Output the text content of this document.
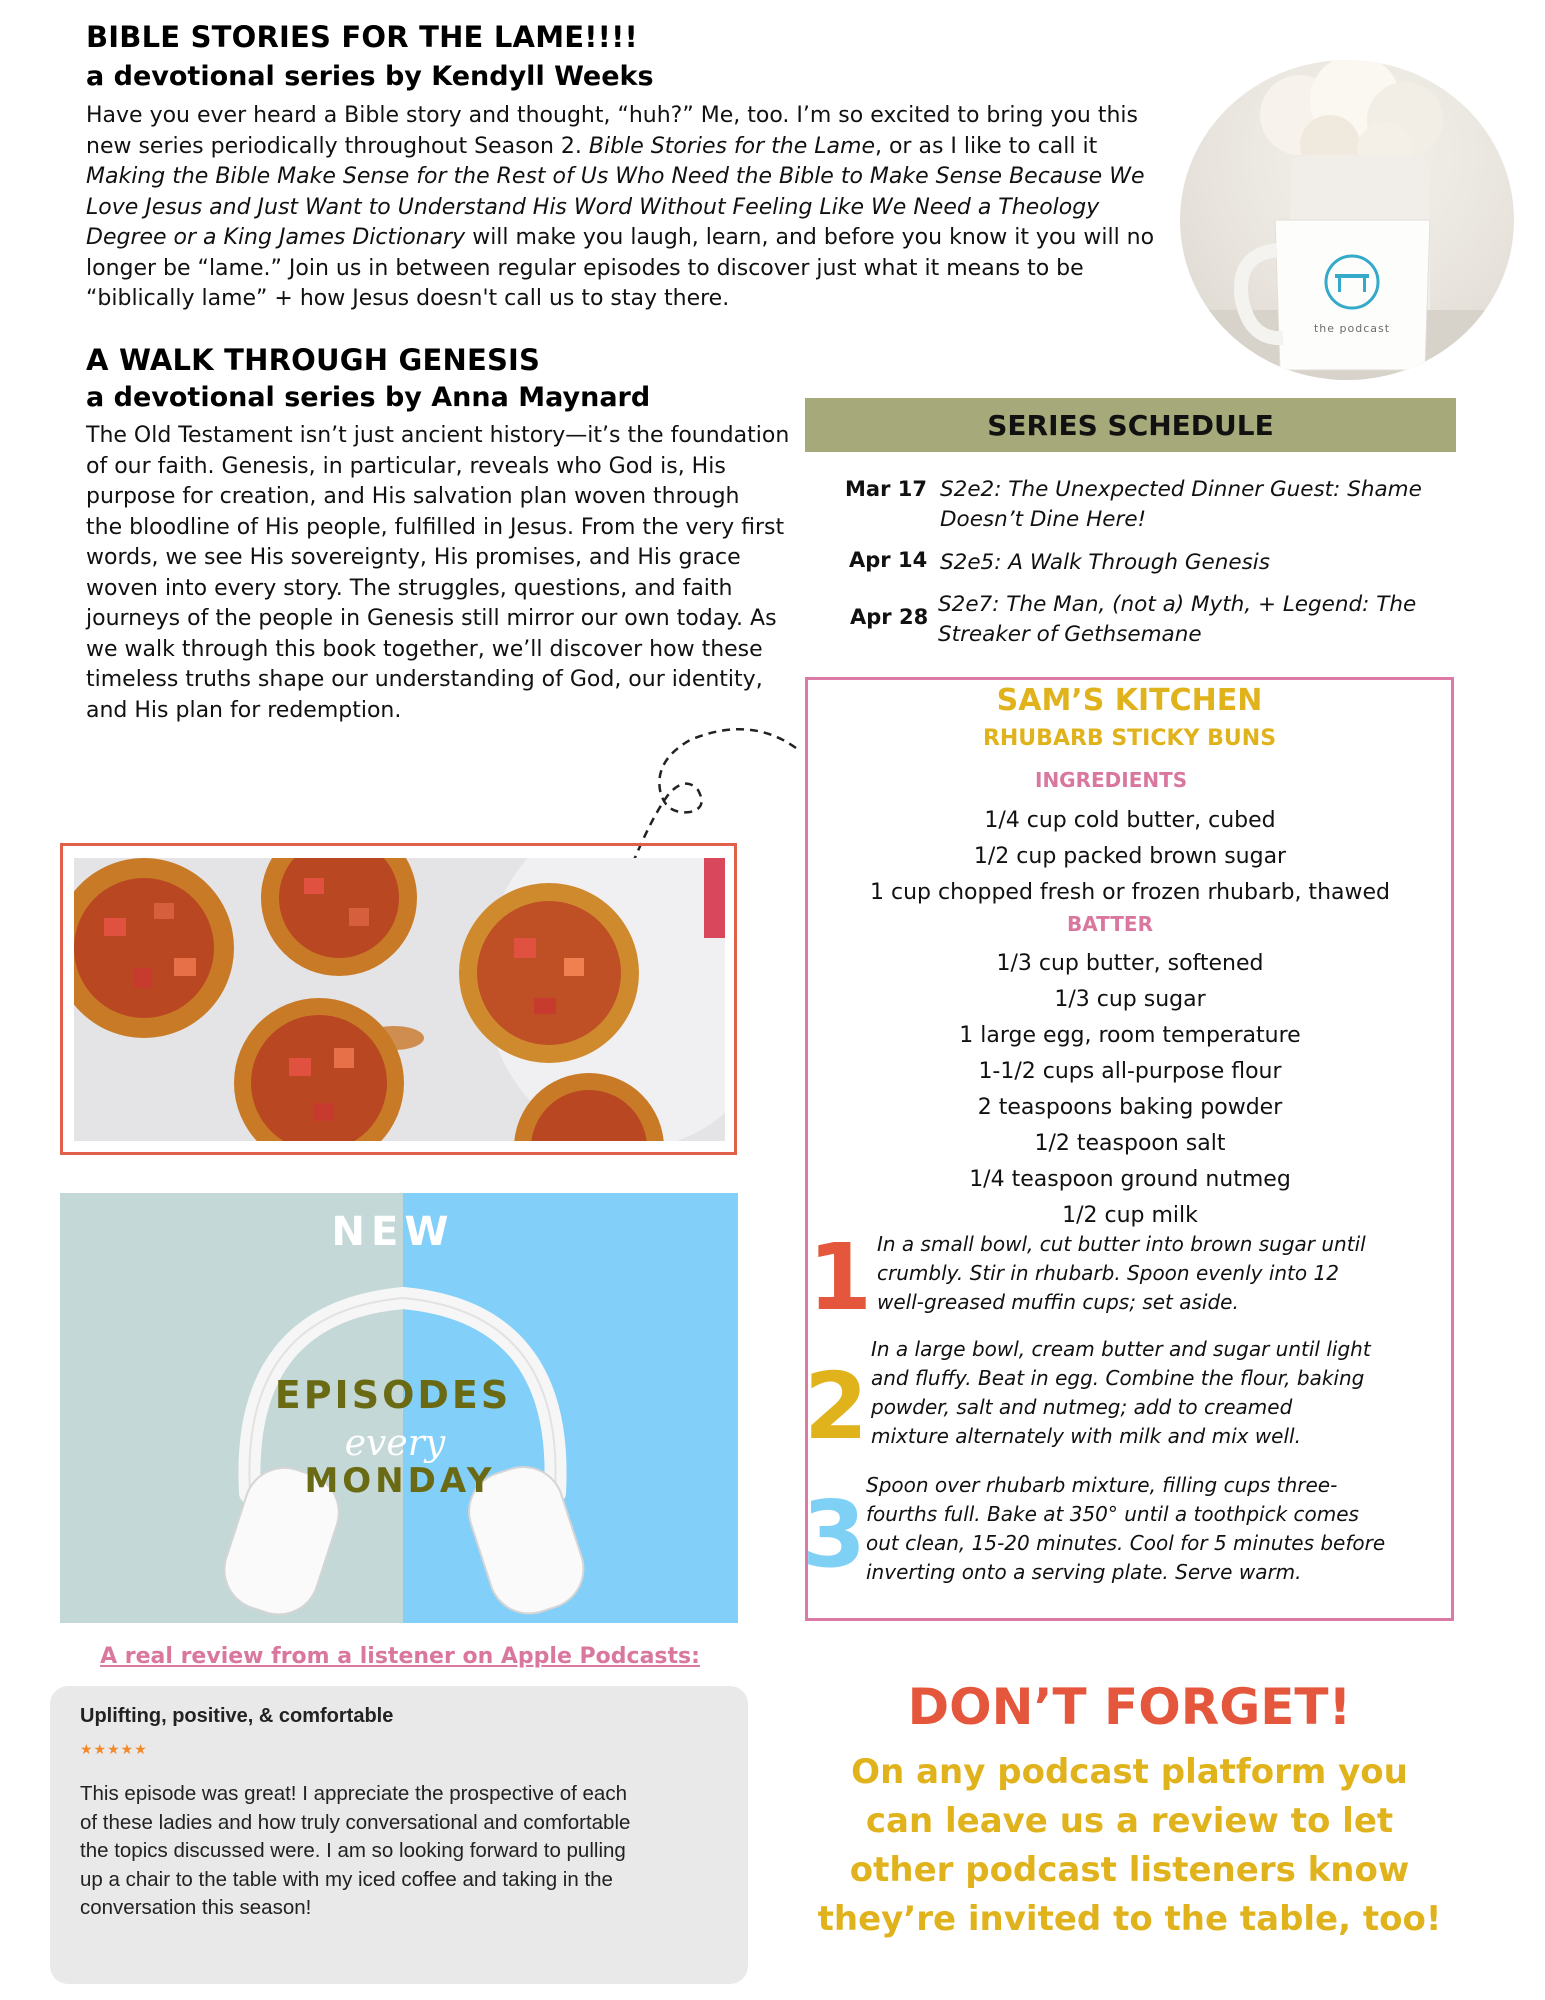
BIBLE STORIES FOR THE LAME!!!!
a devotional series by Kendyll Weeks
Have you ever heard a Bible story and thought, “huh?” Me, too. I’m so excited to bring you this
new series periodically throughout Season 2. Bible Stories for the Lame, or as I like to call it
Making the Bible Make Sense for the Rest of Us Who Need the Bible to Make Sense Because We
Love Jesus and Just Want to Understand His Word Without Feeling Like We Need a Theology
Degree or a King James Dictionary will make you laugh, learn, and before you know it you will no
longer be “lame.” Join us in between regular episodes to discover just what it means to be
“biblically lame” + how Jesus doesn't call us to stay there.
the podcast
A WALK THROUGH GENESIS
a devotional series by Anna Maynard
The Old Testament isn’t just ancient history—it’s the foundation
of our faith. Genesis, in particular, reveals who God is, His
purpose for creation, and His salvation plan woven through
the bloodline of His people, fulfilled in Jesus. From the very first
words, we see His sovereignty, His promises, and His grace
woven into every story. The struggles, questions, and faith
journeys of the people in Genesis still mirror our own today. As
we walk through this book together, we’ll discover how these
timeless truths shape our understanding of God, our identity,
and His plan for redemption.
SERIES SCHEDULE
Mar 17 S2e2: The Unexpected Dinner Guest: Shame
Doesn’t Dine Here!
Apr 14 S2e5: A Walk Through Genesis
Apr 28 S2e7: The Man, (not a) Myth, + Legend: The
Streaker of Gethsemane
SAM’S KITCHEN
RHUBARB STICKY BUNS
INGREDIENTS
1/4 cup cold butter, cubed
1/2 cup packed brown sugar
1 cup chopped fresh or frozen rhubarb, thawed
BATTER
1/3 cup butter, softened
1/3 cup sugar
1 large egg, room temperature
1-1/2 cups all-purpose flour
2 teaspoons baking powder
1/2 teaspoon salt
1/4 teaspoon ground nutmeg
1/2 cup milk
1 In a small bowl, cut butter into brown sugar until
crumbly. Stir in rhubarb. Spoon evenly into 12
well-greased muffin cups; set aside.
2
In a large bowl, cream butter and sugar until light
and fluffy. Beat in egg. Combine the flour, baking
powder, salt and nutmeg; add to creamed
mixture alternately with milk and mix well.
3 Spoon over rhubarb mixture, filling cups three-
fourths full. Bake at 350° until a toothpick comes
out clean, 15-20 minutes. Cool for 5 minutes before
inverting onto a serving plate. Serve warm.
NEW
EPISODES
every
MONDAY
A real review from a listener on Apple Podcasts:
Uplifting, positive, & comfortable
★★★★★
This episode was great! I appreciate the prospective of each
of these ladies and how truly conversational and comfortable
the topics discussed were. I am so looking forward to pulling
up a chair to the table with my iced coffee and taking in the
conversation this season!
DON’T FORGET!
On any podcast platform you
can leave us a review to let
other podcast listeners know
they’re invited to the table, too!
